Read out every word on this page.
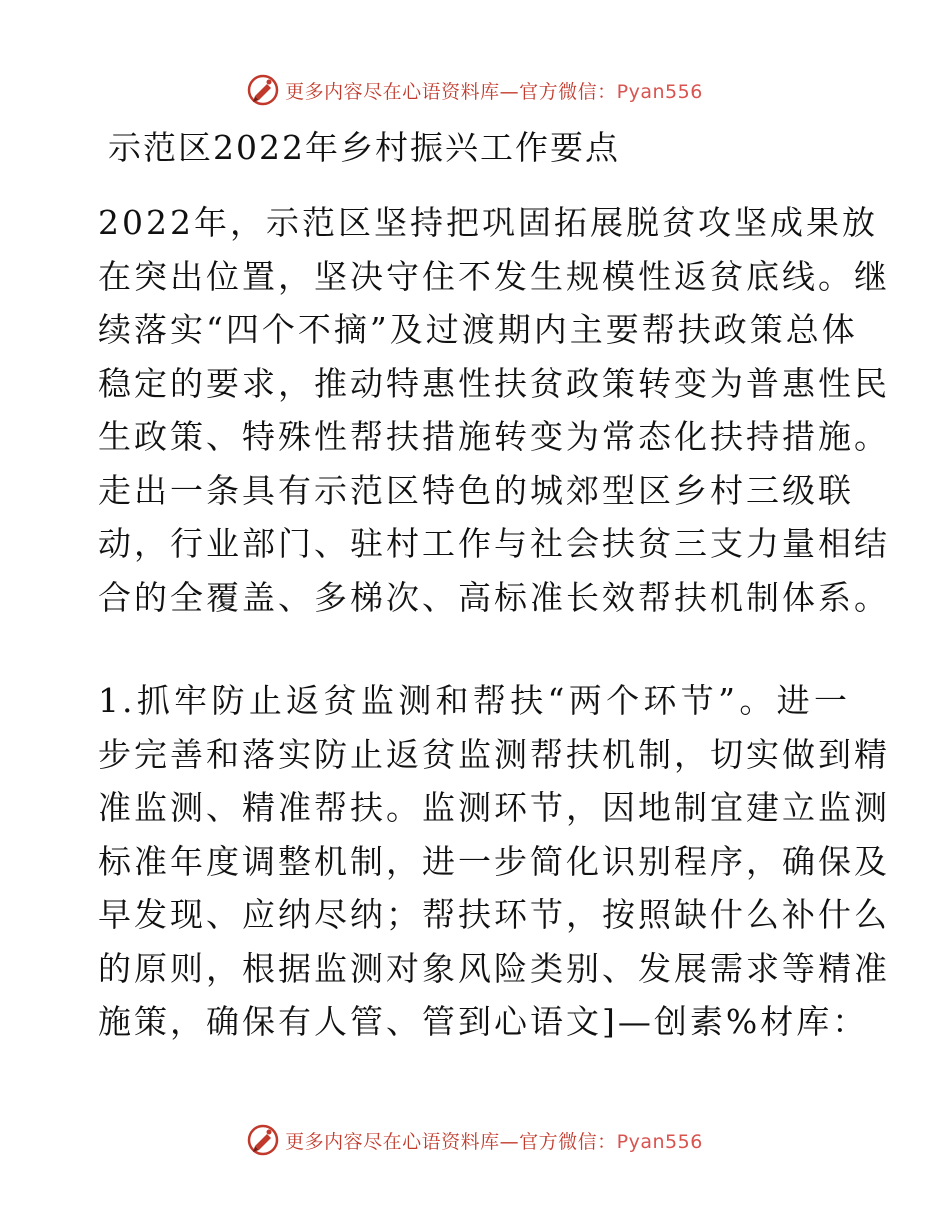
更多内容尽在心语资料库—官方微信：Pyan556
示范区2022年乡村振兴工作要点
2022年，示范区坚持把巩固拓展脱贫攻坚成果放
在突出位置，坚决守住不发生规模性返贫底线。继
续落实“四个不摘”及过渡期内主要帮扶政策总体
稳定的要求，推动特惠性扶贫政策转变为普惠性民
生政策、特殊性帮扶措施转变为常态化扶持措施。
走出一条具有示范区特色的城郊型区乡村三级联
动，行业部门、驻村工作与社会扶贫三支力量相结
合的全覆盖、多梯次、高标准长效帮扶机制体系。
1.抓牢防止返贫监测和帮扶“两个环节”。进一
步完善和落实防止返贫监测帮扶机制，切实做到精
准监测、精准帮扶。监测环节，因地制宜建立监测
标准年度调整机制，进一步简化识别程序，确保及
早发现、应纳尽纳；帮扶环节，按照缺什么补什么
的原则，根据监测对象风险类别、发展需求等精准
施策，确保有人管、管到心语文]—创素%材库：
更多内容尽在心语资料库—官方微信：Pyan556
